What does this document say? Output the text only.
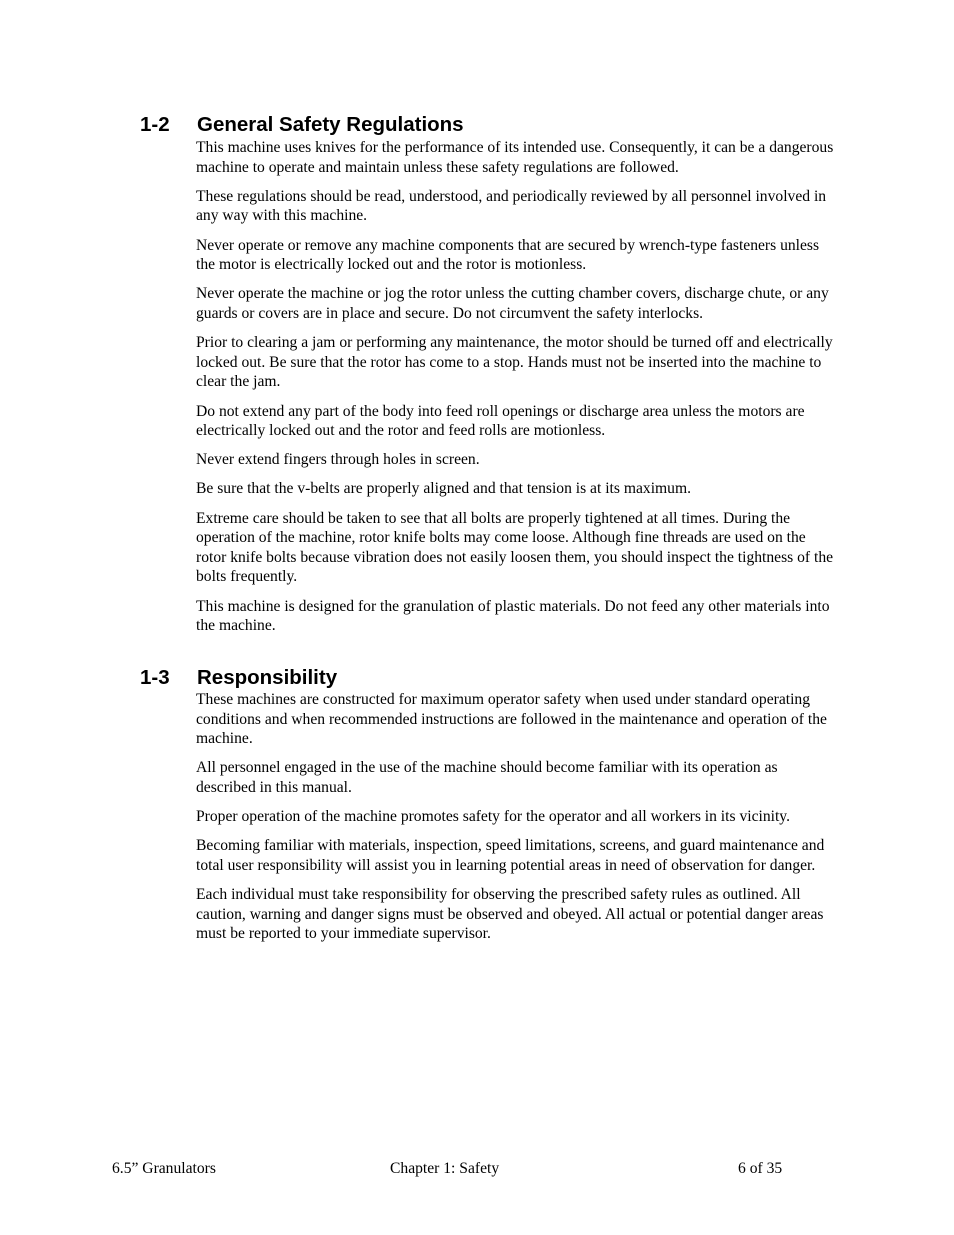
1-2 General Safety Regulations

This machine uses knives for the performance of its intended use. Consequently, it can be a dangerous machine to operate and maintain unless these safety regulations are followed.

These regulations should be read, understood, and periodically reviewed by all personnel involved in any way with this machine.

Never operate or remove any machine components that are secured by wrench-type fasteners unless the motor is electrically locked out and the rotor is motionless.

Never operate the machine or jog the rotor unless the cutting chamber covers, discharge chute, or any guards or covers are in place and secure. Do not circumvent the safety interlocks.

Prior to clearing a jam or performing any maintenance, the motor should be turned off and electrically locked out. Be sure that the rotor has come to a stop. Hands must not be inserted into the machine to clear the jam.

Do not extend any part of the body into feed roll openings or discharge area unless the motors are electrically locked out and the rotor and feed rolls are motionless.

Never extend fingers through holes in screen.

Be sure that the v-belts are properly aligned and that tension is at its maximum.

Extreme care should be taken to see that all bolts are properly tightened at all times. During the operation of the machine, rotor knife bolts may come loose. Although fine threads are used on the rotor knife bolts because vibration does not easily loosen them, you should inspect the tightness of the bolts frequently.

This machine is designed for the granulation of plastic materials. Do not feed any other materials into the machine.

1-3 Responsibility

These machines are constructed for maximum operator safety when used under standard operating conditions and when recommended instructions are followed in the maintenance and operation of the machine.

All personnel engaged in the use of the machine should become familiar with its operation as described in this manual.

Proper operation of the machine promotes safety for the operator and all workers in its vicinity.

Becoming familiar with materials, inspection, speed limitations, screens, and guard maintenance and total user responsibility will assist you in learning potential areas in need of observation for danger.

Each individual must take responsibility for observing the prescribed safety rules as outlined. All caution, warning and danger signs must be observed and obeyed. All actual or potential danger areas must be reported to your immediate supervisor.

6.5” Granulators	Chapter 1: Safety	6 of 35
